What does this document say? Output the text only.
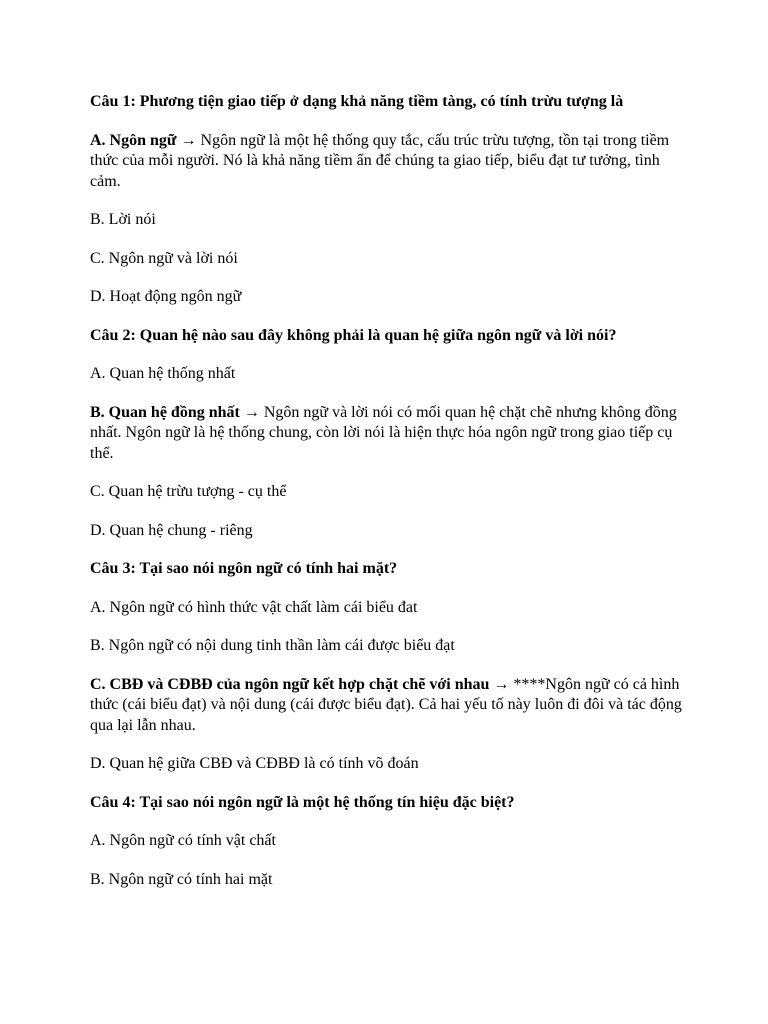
Câu 1: Phương tiện giao tiếp ở dạng khả năng tiềm tàng, có tính trừu tượng là

A. Ngôn ngữ → Ngôn ngữ là một hệ thống quy tắc, cấu trúc trừu tượng, tồn tại trong tiềm thức của mỗi người. Nó là khả năng tiềm ẩn để chúng ta giao tiếp, biểu đạt tư tưởng, tình cảm.

B. Lời nói

C. Ngôn ngữ và lời nói

D. Hoạt động ngôn ngữ

Câu 2: Quan hệ nào sau đây không phải là quan hệ giữa ngôn ngữ và lời nói?

A. Quan hệ thống nhất

B. Quan hệ đồng nhất → Ngôn ngữ và lời nói có mối quan hệ chặt chẽ nhưng không đồng nhất. Ngôn ngữ là hệ thống chung, còn lời nói là hiện thực hóa ngôn ngữ trong giao tiếp cụ thể.

C. Quan hệ trừu tượng - cụ thể

D. Quan hệ chung - riêng

Câu 3: Tại sao nói ngôn ngữ có tính hai mặt?

A. Ngôn ngữ có hình thức vật chất làm cái biểu đat

B. Ngôn ngữ có nội dung tinh thần làm cái được biểu đạt

C. CBĐ và CĐBĐ của ngôn ngữ kết hợp chặt chẽ với nhau → ****Ngôn ngữ có cả hình thức (cái biểu đạt) và nội dung (cái được biểu đạt). Cả hai yếu tố này luôn đi đôi và tác động qua lại lẫn nhau.

D. Quan hệ giữa CBĐ và CĐBĐ là có tính võ đoán

Câu 4: Tại sao nói ngôn ngữ là một hệ thống tín hiệu đặc biệt?

A. Ngôn ngữ có tính vật chất

B. Ngôn ngữ có tính hai mặt
